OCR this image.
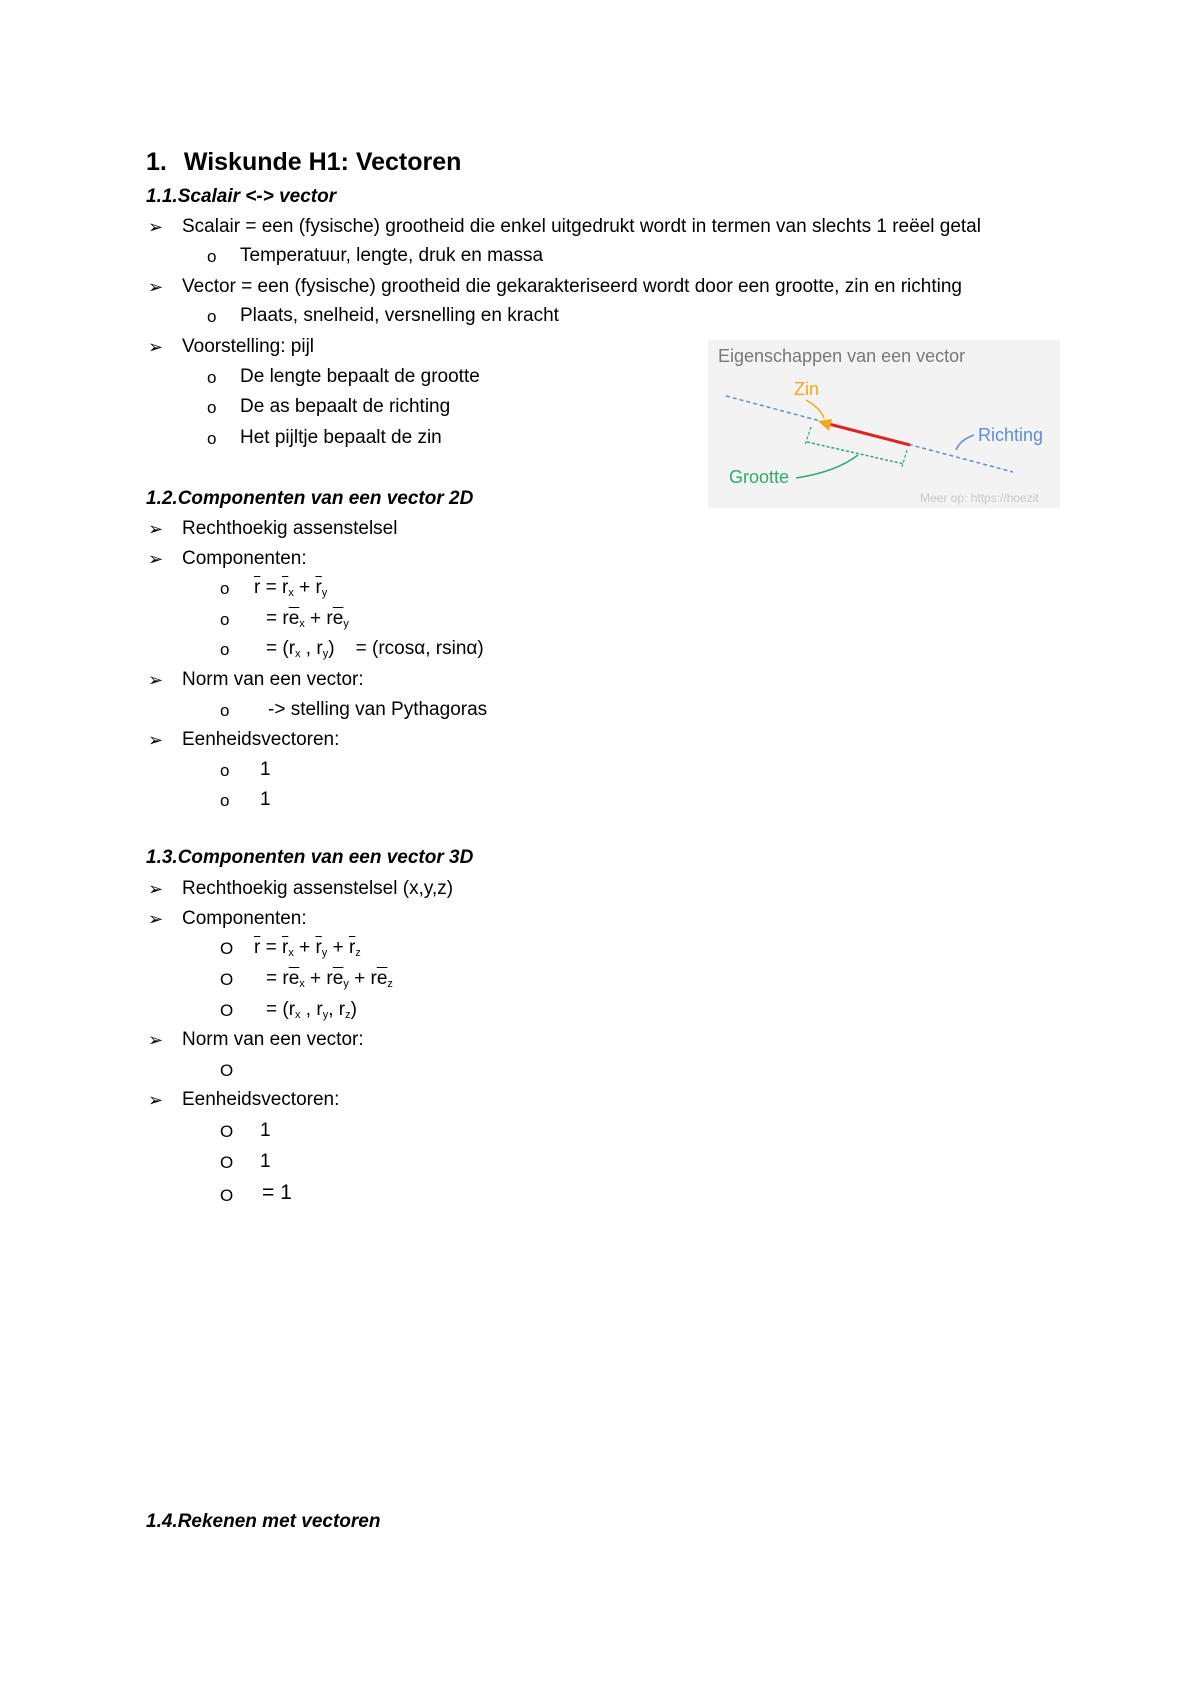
1. Wiskunde H1: Vectoren
1.1.Scalair <-> vector
➢ Scalair = een (fysische) grootheid die enkel uitgedrukt wordt in termen van slechts 1 reëel getal
o Temperatuur, lengte, druk en massa
➢ Vector = een (fysische) grootheid die gekarakteriseerd wordt door een grootte, zin en richting
o Plaats, snelheid, versnelling en kracht
➢ Voorstelling: pijl
o De lengte bepaalt de grootte
o De as bepaalt de richting
o Het pijltje bepaalt de zin
Eigenschappen van een vector
Zin
Richting
Grootte
Meer op: https://hoezit
1.2.Componenten van een vector 2D
➢ Rechthoekig assenstelsel
➢ Componenten:
o $\overline{r} = \overline{r}_x + \overline{r}_y$
$o = r\overline{e}_x + r\overline{e}_y$
$o = (r_x$ , $r_y$)    = (rcosα, rsinα)
➢ Norm van een vector:
o -> stelling van Pythagoras
➢ Eenheidsvectoren:
o 1
o 1
1.3.Componenten van een vector 3D
➢ Rechthoekig assenstelsel (x,y,z)
➢ Componenten:
O $\overline{r} = \overline{r}_x + \overline{r}_y + \overline{r}_z$
$O = r\overline{e}_x + r\overline{e}_y + r\overline{e}_z$
$O = (r_x$ , $r_y$, $r_z$)
➢ Norm van een vector:
O
➢ Eenheidsvectoren:
O 1
O 1
O = 1
1.4.Rekenen met vectoren
